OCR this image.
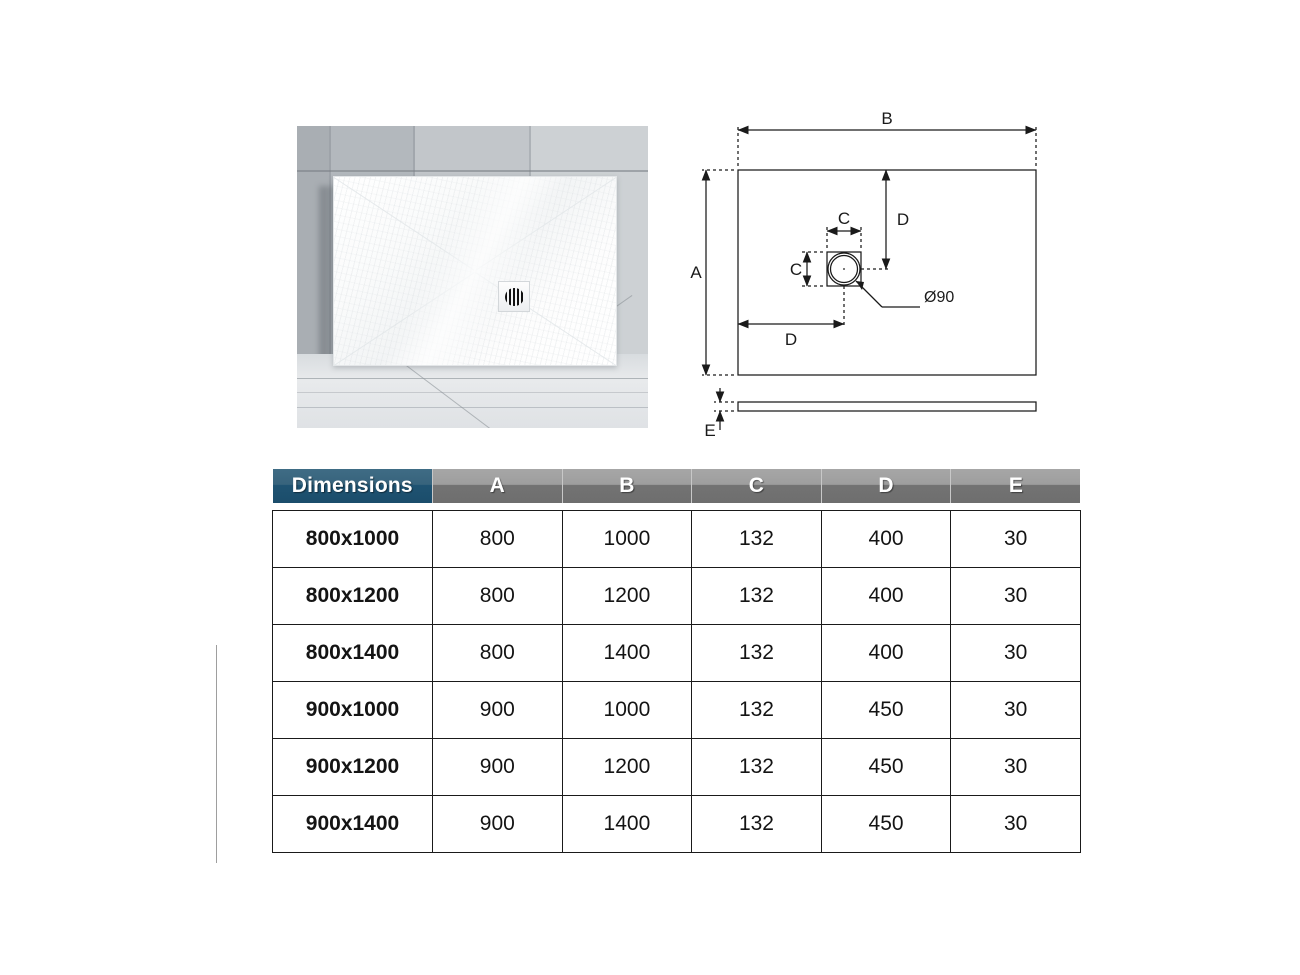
B
A
C
C
D
D
E
Ø90
Dimensions	A	B	C	D	E

800x1000	800	1000	132	400	30
800x1200	800	1200	132	400	30
800x1400	800	1400	132	400	30
900x1000	900	1000	132	450	30
900x1200	900	1200	132	450	30
900x1400	900	1400	132	450	30
